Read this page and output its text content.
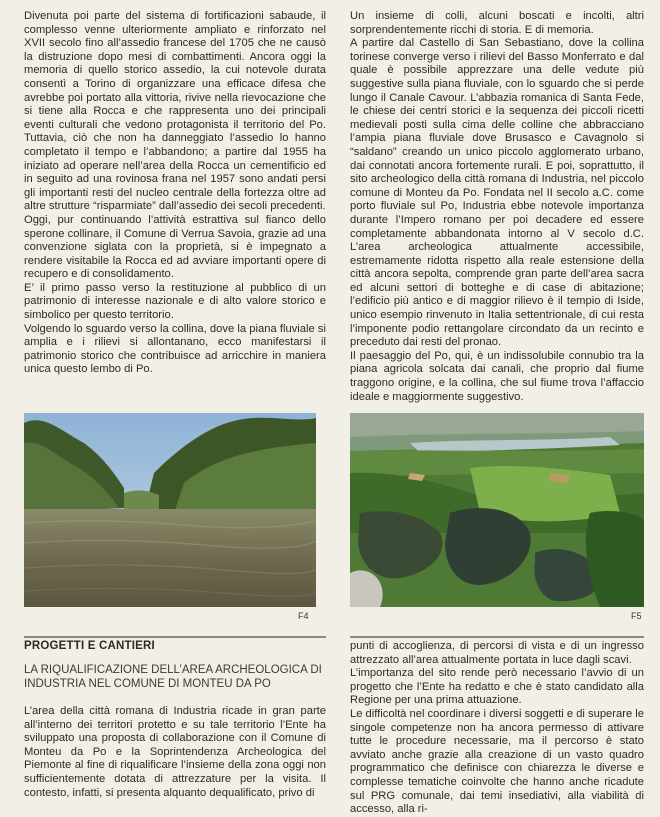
Divenuta poi parte del sistema di fortificazioni sabaude, il complesso venne ulteriormente ampliato e rinforzato nel XVII secolo fino all’assedio francese del 1705 che ne causò la distruzione dopo mesi di combattimenti. Ancora oggi la memoria di quello storico assedio, la cui notevole durata consentì a Torino di organizzare una efficace difesa che avrebbe poi portato alla vittoria, rivive nella rievocazione che si tiene alla Rocca e che rappresenta uno dei principali eventi culturali che vedono protagonista il territorio del Po. Tuttavia, ciò che non ha danneggiato l’assedio lo hanno completato il tempo e l’abbandono; a partire dal 1955 ha iniziato ad operare nell’area della Rocca un cementificio ed in seguito ad una rovinosa frana nel 1957 sono andati persi gli importanti resti del nucleo centrale della fortezza oltre ad altre strutture “risparmiate” dall’assedio dei secoli precedenti.

Oggi, pur continuando l’attività estrattiva sul fianco dello sperone collinare, il Comune di Verrua Savoia, grazie ad una convenzione siglata con la proprietà, si è impegnato a rendere visitabile la Rocca ed ad avviare importanti opere di recupero e di consolidamento.

E’ il primo passo verso la restituzione al pubblico di un patrimonio di interesse nazionale e di alto valore storico e simbolico per questo territorio.

Volgendo lo sguardo verso la collina, dove la piana fluviale si amplia e i rilievi si allontanano, ecco manifestarsi il patrimonio storico che contribuisce ad arricchire in maniera unica questo lembo di Po.

Un insieme di colli, alcuni boscati e incolti, altri sorprendentemente ricchi di storia. E di memoria.

A partire dal Castello di San Sebastiano, dove la collina torinese converge verso i rilievi del Basso Monferrato e dal quale è possibile apprezzare una delle vedute più suggestive sulla piana fluviale, con lo sguardo che si perde lungo il Canale Cavour. L’abbazia romanica di Santa Fede, le chiese dei centri storici e la sequenza dei piccoli ricetti medievali posti sulla cima delle colline che abbracciano l’ampia piana fluviale dove Brusasco e Cavagnolo si “saldano” creando un unico piccolo agglomerato urbano, dai connotati ancora fortemente rurali. E poi, soprattutto, il sito archeologico della città romana di Industria, nel piccolo comune di Monteu da Po. Fondata nel II secolo a.C. come porto fluviale sul Po, Industria ebbe notevole importanza durante l’Impero romano per poi decadere ed essere completamente abbandonata intorno al V secolo d.C. L’area archeologica attualmente accessibile, estremamente ridotta rispetto alla reale estensione della città ancora sepolta, comprende gran parte dell’area sacra ed alcuni settori di botteghe e di case di abitazione; l’edificio più antico e di maggior rilievo è il tempio di Iside, unico esempio rinvenuto in Italia settentrionale, di cui resta l’imponente podio rettangolare circondato da un recinto e preceduto dai resti del pronao.

Il paesaggio del Po, qui, è un indissolubile connubio tra la piana agricola solcata dai canali, che proprio dal fiume traggono origine, e la collina, che sul fiume trova l’affaccio ideale e maggiormente suggestivo.

F4	F5
PROGETTI E CANTIERI
LA RIQUALIFICAZIONE DELL’AREA ARCHEOLOGICA DI INDUSTRIA NEL COMUNE DI MONTEU DA PO

L’area della città romana di Industria ricade in gran parte all’interno dei territori protetto e su tale territorio l’Ente ha sviluppato una proposta di collaborazione con il Comune di Monteu da Po e la Soprintendenza Archeologica del Piemonte al fine di riqualificare l’insieme della zona oggi non sufficientemente dotata di attrezzature per la visita. Il contesto, infatti, si presenta alquanto dequalificato, privo di

punti di accoglienza, di percorsi di vista e di un ingresso attrezzato all’area attualmente portata in luce dagli scavi.

L’importanza del sito rende però necessario l’avvio di un progetto che l’Ente ha redatto e che è stato candidato alla Regione per una prima attuazione.

Le difficoltà nel coordinare i diversi soggetti e di superare le singole competenze non ha ancora permesso di attivare tutte le procedure necessarie, ma il percorso è stato avviato anche grazie alla creazione di un vasto quadro programmatico che definisce con chiarezza le diverse e complesse tematiche coinvolte che hanno anche ricadute sul PRG comunale, dai temi insediativi, alla viabilità di accesso, alla ri-
